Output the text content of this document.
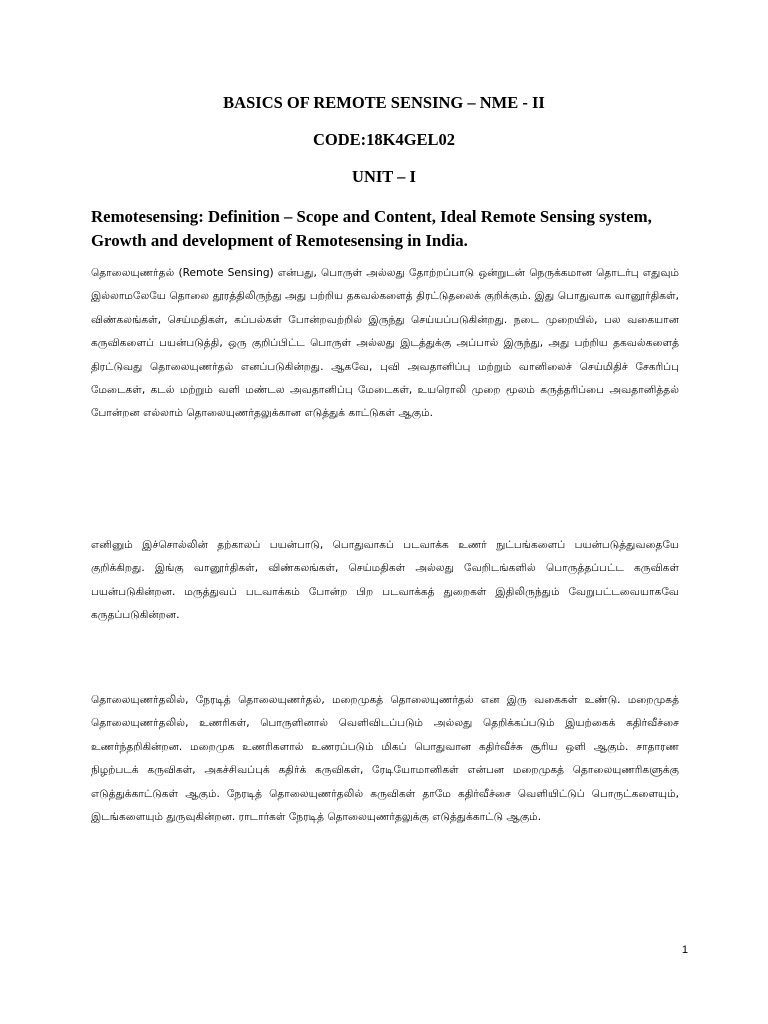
BASICS OF REMOTE SENSING – NME - II
CODE:18K4GEL02
UNIT – I
Remotesensing: Definition – Scope and Content, Ideal Remote Sensing system, Growth and development of Remotesensing in India.

தொலையுணர்தல் (Remote Sensing) என்பது, பொருள் அல்லது தோற்றப்பாடு ஒன்றுடன் நெருக்கமான தொடர்பு எதுவும் இல்லாமலேயே தொலை தூரத்திலிருந்து அது பற்றிய தகவல்களைத் திரட்டுதலைக் குறிக்கும். இது பொதுவாக வானூர்திகள், விண்கலங்கள், செய்மதிகள், கப்பல்கள் போன்றவற்றில் இருந்து செய்யப்படுகின்றது. நடை முறையில், பல வகையான கருவிகளைப் பயன்படுத்தி, ஒரு குறிப்பிட்ட பொருள் அல்லது இடத்துக்கு அப்பால் இருந்து, அது பற்றிய தகவல்களைத் திரட்டுவது தொலையுணர்தல் எனப்படுகின்றது. ஆகவே, புவி அவதானிப்பு மற்றும் வானிலைச் செய்மிதிச் சேகரிப்பு மேடைகள், கடல் மற்றும் வளி மண்டல அவதானிப்பு மேடைகள், உயரொலி முறை மூலம் கருத்தரிப்பை அவதானித்தல் போன்றன எல்லாம் தொலையுணர்தலுக்கான எடுத்துக் காட்டுகள் ஆகும்.

எனினும் இச்சொல்லின் தற்காலப் பயன்பாடு, பொதுவாகப் படவாக்க உணர் நுட்பங்களைப் பயன்படுத்துவதையே குறிக்கிறது. இங்கு வானூர்திகள், விண்கலங்கள், செய்மதிகள் அல்லது வேறிடங்களில் பொருத்தப்பட்ட கருவிகள் பயன்படுகின்றன. மருத்துவப் படவாக்கம் போன்ற பிற படவாக்கத் துறைகள் இதிலிருந்தும் வேறுபட்டவையாகவே கருதப்படுகின்றன.

தொலையுணர்தலில், நேரடித் தொலையுணர்தல், மறைமுகத் தொலையுணர்தல் என இரு வகைகள் உண்டு. மறைமுகத் தொலையுணர்தலில், உணரிகள், பொருளினால் வெளிவிடப்படும் அல்லது தெறிக்கப்படும் இயற்கைக் கதிர்வீச்சை உணர்ந்தறிகின்றன. மறைமுக உணரிகளால் உணரப்படும் மிகப் பொதுவான கதிர்வீச்சு சூரிய ஒளி ஆகும். சாதாரண நிழற்படக் கருவிகள், அகச்சிவப்புக் கதிர்க் கருவிகள், ரேடியோமானிகள் என்பன மறைமுகத் தொலையுணரிகளுக்கு எடுத்துக்காட்டுகள் ஆகும். நேரடித் தொலையுணர்தலில் கருவிகள் தாமே கதிர்வீச்சை வெளியிட்டுப் பொருட்களையும், இடங்களையும் துருவுகின்றன. ராடார்கள் நேரடித் தொலையுணர்தலுக்கு எடுத்துக்காட்டு ஆகும்.

1
